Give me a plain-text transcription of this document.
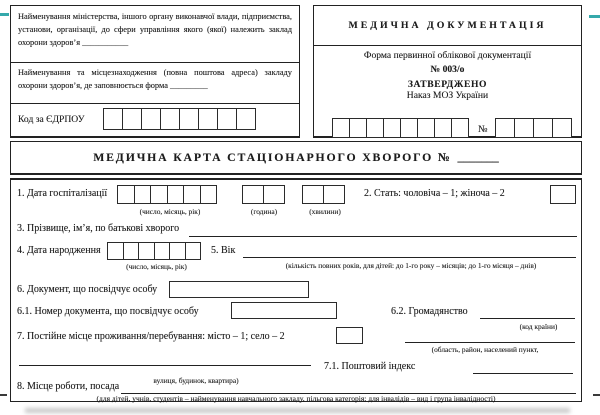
Найменування міністерства, іншого органу виконавчої влади, підприємства, установи, організації, до сфери управління якого (якої) належить заклад охорони здоров’я ___________
Найменування та місцезнаходження (повна поштова адреса) закладу охорони здоров’я, де заповнюється форма _________
Код за ЄДРПОУ
МЕДИЧНА ДОКУМЕНТАЦІЯ
Форма первинної облікової документації
№ 003/о
ЗАТВЕРДЖЕНО
Наказ МОЗ України
№
МЕДИЧНА КАРТА СТАЦІОНАРНОГО ХВОРОГО № _______
1. Дата госпіталізації
(число, місяць, рік)	(година)	(хвилини)
2. Стать: чоловіча – 1; жіноча – 2
3. Прізвище, ім’я, по батькові хворого
4. Дата народження
(число, місяць, рік)
5. Вік
(кількість повних років, для дітей: до 1-го року – місяців; до 1-го місяця – днів)
6. Документ, що посвідчує особу
6.1. Номер документа, що посвідчує особу	6.2. Громадянство
(код країни)
7. Постійне місце проживання/перебування: місто – 1; село – 2
(область, район, населений пункт,
7.1. Поштовий індекс
вулиця, будинок, квартира)
8. Місце роботи, посада
(для дітей, учнів, студентів – найменування навчального закладу, пільгова категорія; для інвалідів – вид і група інвалідності)
